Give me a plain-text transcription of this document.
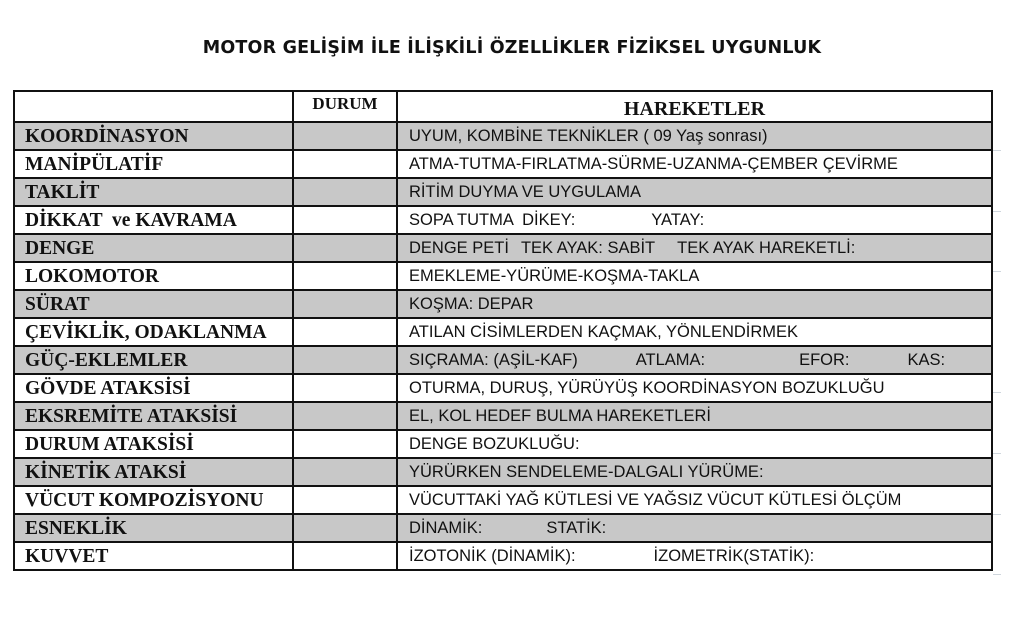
MOTOR GELİŞİM İLE İLİŞKİLİ ÖZELLİKLER FİZİKSEL UYGUNLUK
	DURUM	HAREKETLER
KOORDİNASYON		UYUM, KOMBİNE TEKNİKLER ( 09 Yaş sonrası)
MANİPÜLATİF		ATMA-TUTMA-FIRLATMA-SÜRME-UZANMA-ÇEMBER ÇEVİRME
TAKLİT		RİTİM DUYMA VE UYGULAMA
DİKKAT  ve KAVRAMA		SOPA TUTMA  DİKEY: YATAY:
DENGE		DENGE PETİ TEK AYAK: SABİT TEK AYAK HAREKETLİ:
LOKOMOTOR		EMEKLEME-YÜRÜME-KOŞMA-TAKLA
SÜRAT		KOŞMA: DEPAR
ÇEVİKLİK, ODAKLANMA		ATILAN CİSİMLERDEN KAÇMAK, YÖNLENDİRMEK
GÜÇ-EKLEMLER		SIÇRAMA: (AŞİL-KAF) ATLAMA: EFOR: KAS:
GÖVDE ATAKSİSİ		OTURMA, DURUŞ, YÜRÜYÜŞ KOORDİNASYON BOZUKLUĞU
EKSREMİTE ATAKSİSİ		EL, KOL HEDEF BULMA HAREKETLERİ
DURUM ATAKSİSİ		DENGE BOZUKLUĞU:
KİNETİK ATAKSİ		YÜRÜRKEN SENDELEME-DALGALI YÜRÜME:
VÜCUT KOMPOZİSYONU		VÜCUTTAKİ YAĞ KÜTLESİ VE YAĞSIZ VÜCUT KÜTLESİ ÖLÇÜM
ESNEKLİK		DİNAMİK: STATİK:
KUVVET		İZOTONİK (DİNAMİK): İZOMETRİK(STATİK):
